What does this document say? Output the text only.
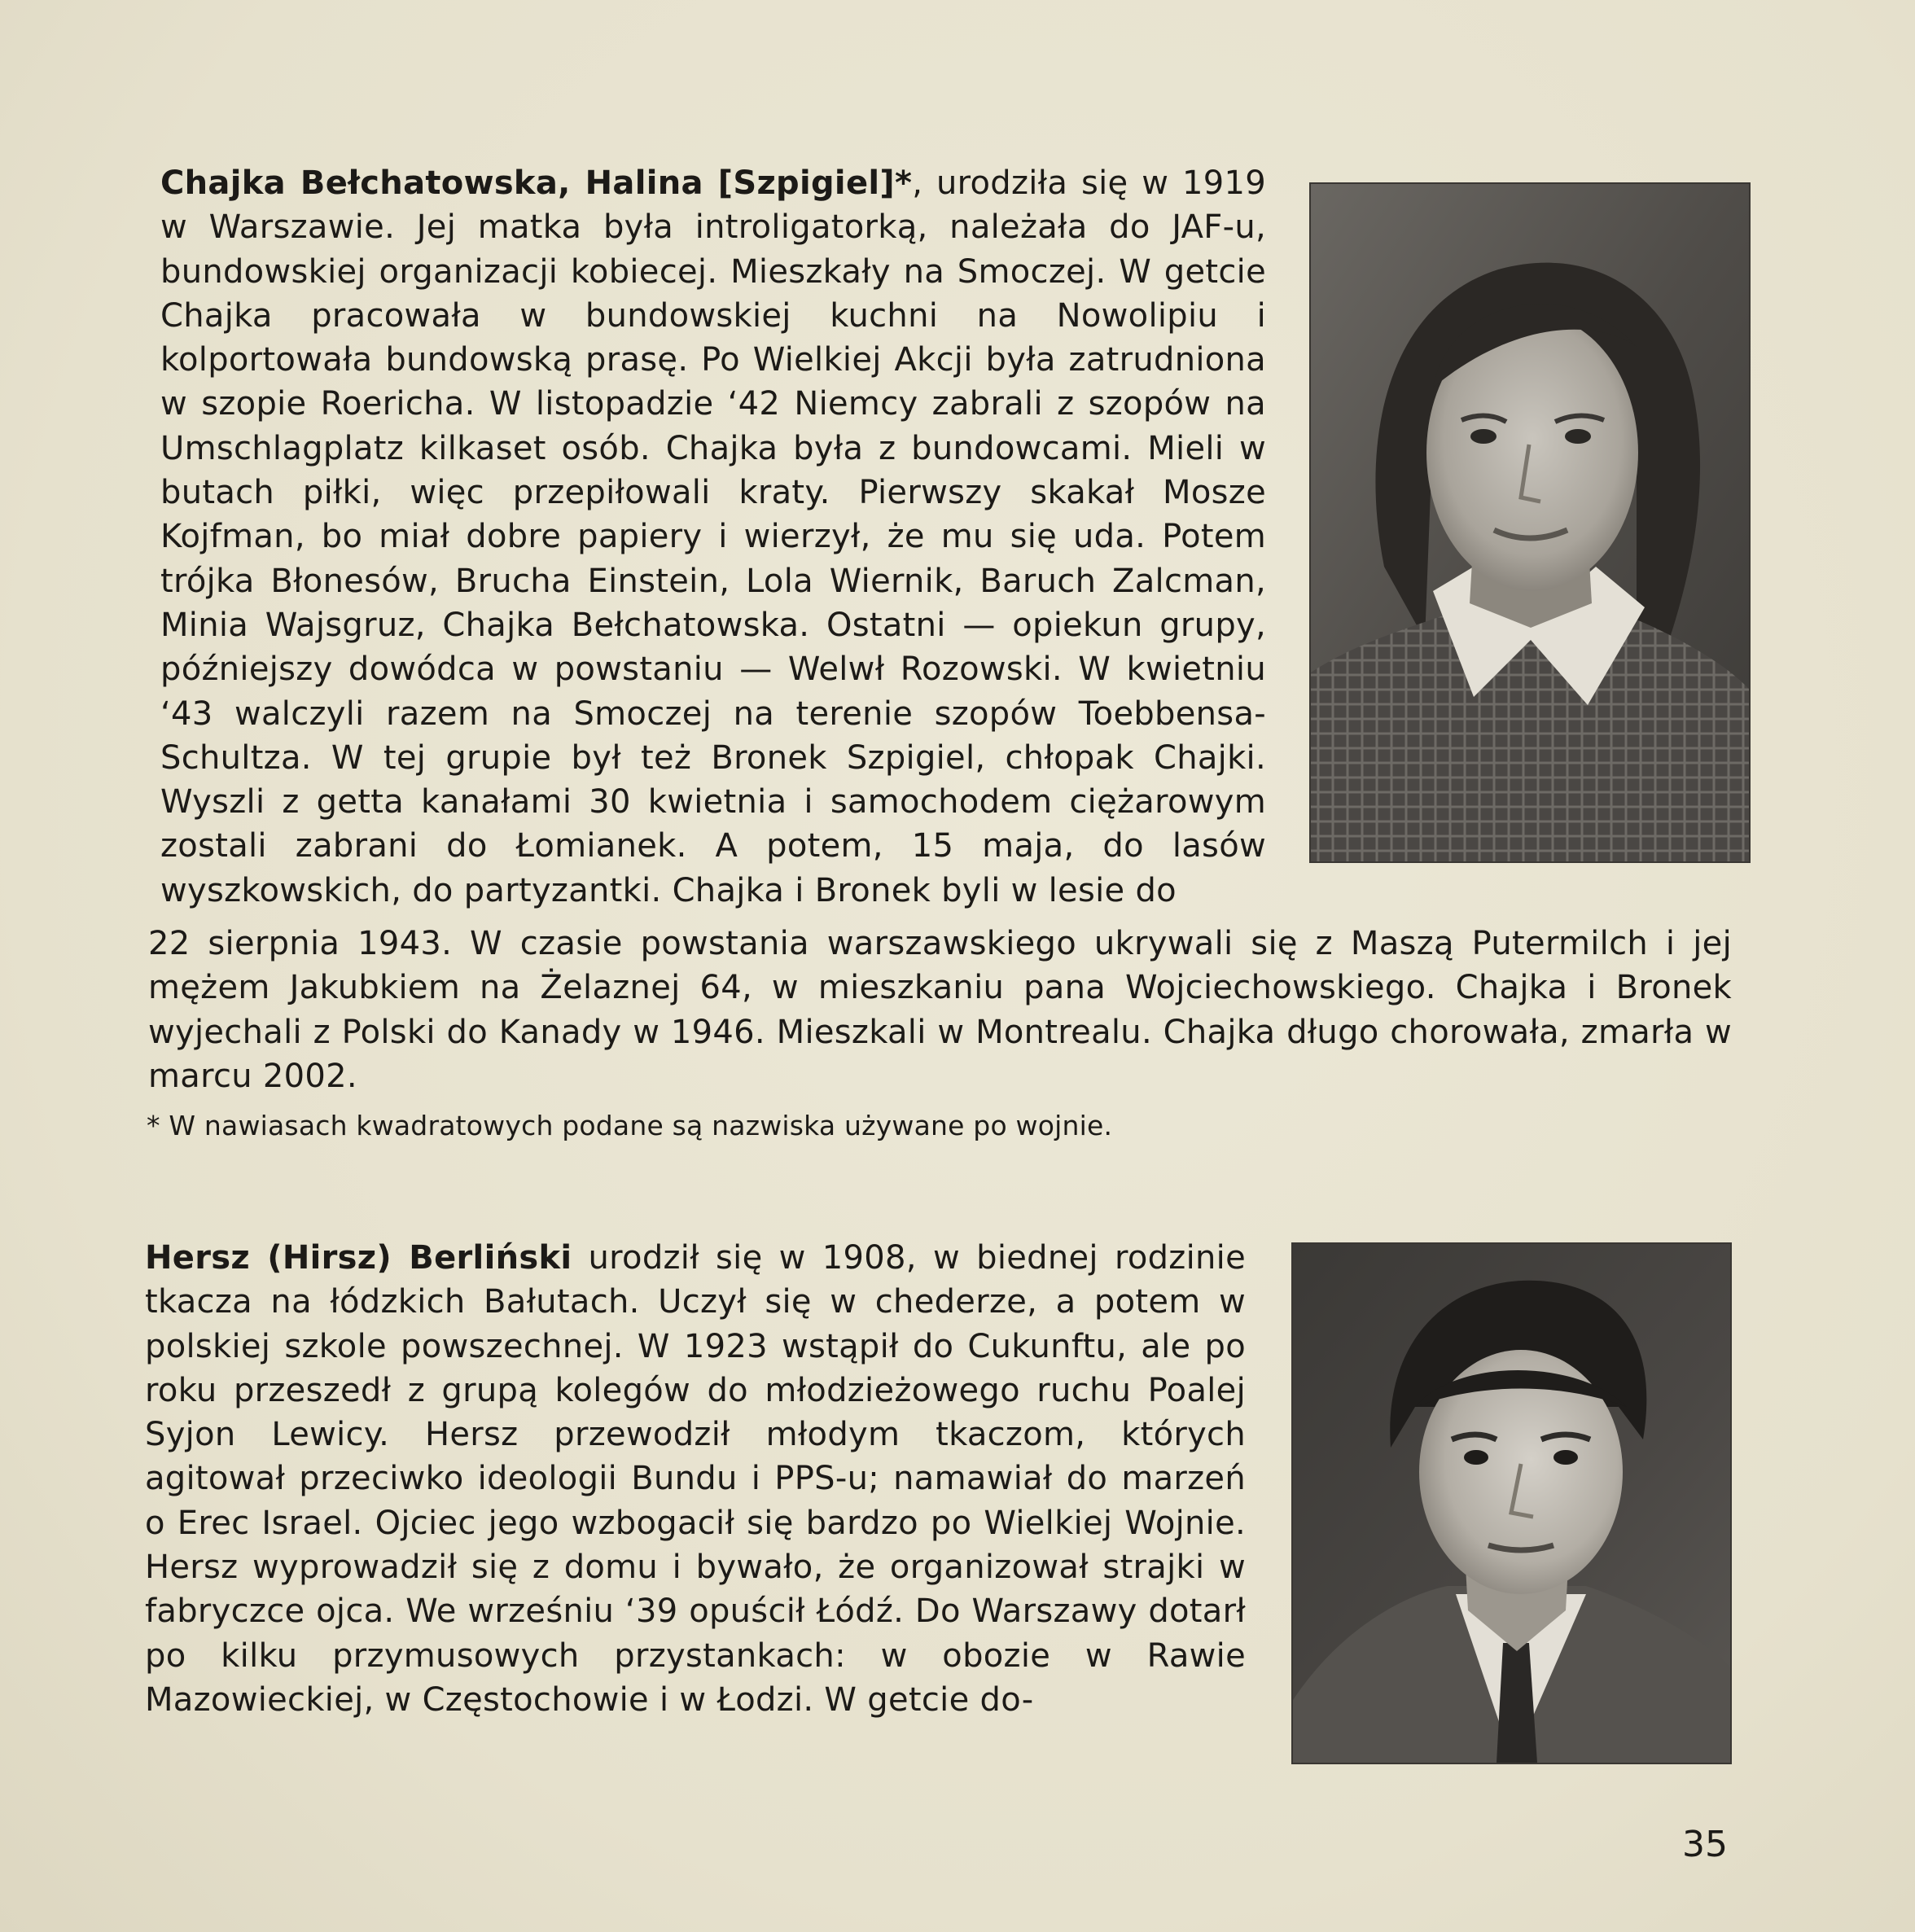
Chajka Bełchatowska, Halina [Szpigiel]*, urodziła się w 1919 w Warszawie. Jej matka była introligatorką, należała do JAF-u, bundowskiej organizacji kobiecej. Mieszkały na Smoczej. W getcie Chajka pracowała w bundowskiej kuchni na Nowolipiu i kolportowała bundowską prasę. Po Wielkiej Akcji była zatrudniona w szopie Roericha. W listopadzie ‘42 Niemcy zabrali z szopów na Umschlagplatz kilkaset osób. Chajka była z bundowcami. Mieli w butach piłki, więc przepiłowali kraty. Pierwszy skakał Mosze Kojfman, bo miał dobre papiery i wierzył, że mu się uda. Potem trójka Błonesów, Brucha Einstein, Lola Wiernik, Baruch Zalcman, Minia Wajsgruz, Chajka Bełchatowska. Ostatni — opiekun grupy, późniejszy dowódca w powstaniu — Welwł Rozowski. W kwietniu ‘43 walczyli razem na Smoczej na terenie szopów Toebbensa-Schultza. W tej grupie był też Bronek Szpigiel, chłopak Chajki. Wyszli z getta kanałami 30 kwietnia i samochodem ciężarowym zostali zabrani do Łomianek. A potem, 15 maja, do lasów wyszkowskich, do partyzantki. Chajka i Bronek byli w lesie do
22 sierpnia 1943. W czasie powstania warszawskiego ukrywali się z Maszą Putermilch i jej mężem Jakubkiem na Żelaznej 64, w mieszkaniu pana Wojciechowskiego. Chajka i Bronek wyjechali z Polski do Kanady w 1946. Mieszkali w Montrealu. Chajka długo chorowała, zmarła w marcu 2002.
* W nawiasach kwadratowych podane są nazwiska używane po wojnie.
Hersz (Hirsz) Berliński urodził się w 1908, w biednej rodzinie tkacza na łódzkich Bałutach. Uczył się w chederze, a potem w polskiej szkole powszechnej. W 1923 wstąpił do Cukunftu, ale po roku przeszedł z grupą kolegów do młodzieżowego ruchu Poalej Syjon Lewicy. Hersz przewodził młodym tkaczom, których agitował przeciwko ideologii Bundu i PPS-u; namawiał do marzeń o Erec Israel. Ojciec jego wzbogacił się bardzo po Wielkiej Wojnie. Hersz wyprowadził się z domu i bywało, że organizował strajki w fabryczce ojca. We wrześniu ‘39 opuścił Łódź. Do Warszawy dotarł po kilku przymusowych przystankach: w obozie w Rawie Mazowieckiej, w Częstochowie i w Łodzi. W getcie do-
35
